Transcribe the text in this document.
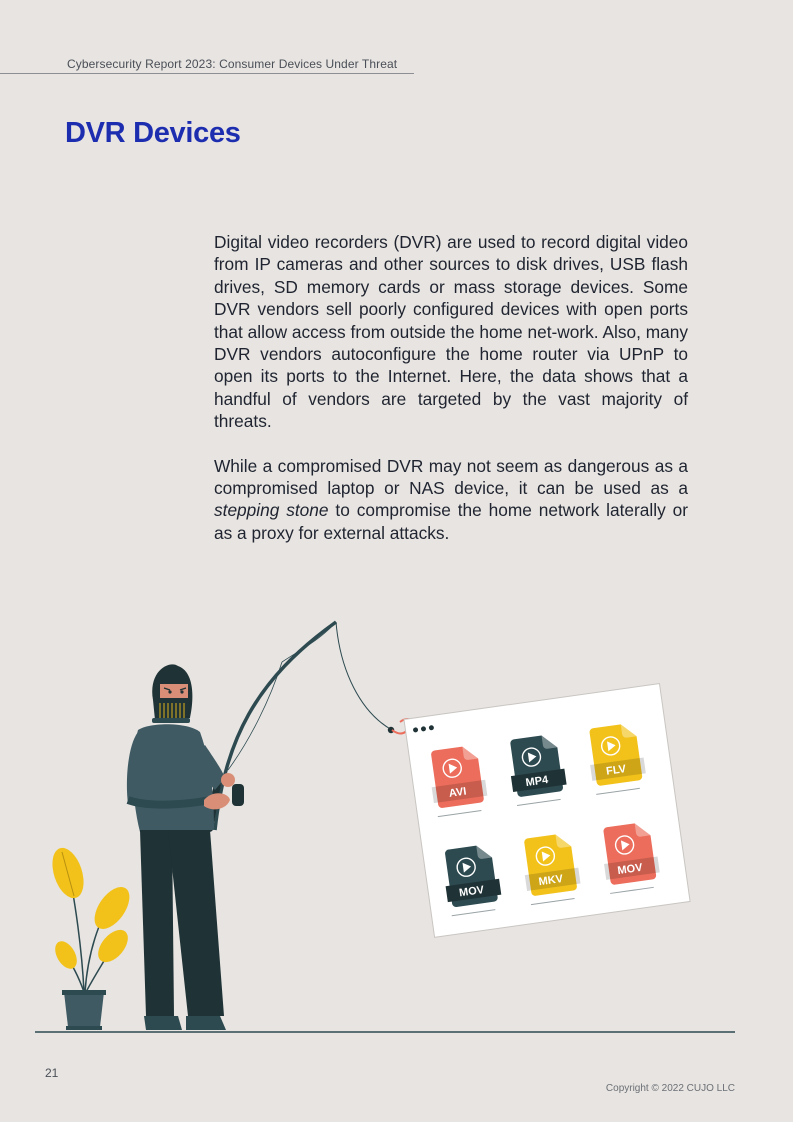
Cybersecurity Report 2023: Consumer Devices Under Threat
DVR Devices

Digital video recorders (DVR) are used to record digital video from IP cameras and other sources to disk drives, USB flash drives, SD memory cards or mass storage devices. Some DVR vendors sell poorly configured devices with open ports that allow access from outside the home net-work. Also, many DVR vendors autoconfigure the home router via UPnP to open its ports to the Internet. Here, the data shows that a handful of vendors are targeted by the vast majority of threats.

While a compromised DVR may not seem as dangerous as a compromised laptop or NAS device, it can be used as a stepping stone to compromise the home network laterally or as a proxy for external attacks.

AVI
MP4
FLV
MOV
MKV
MOV
21
Copyright © 2022 CUJO LLC
